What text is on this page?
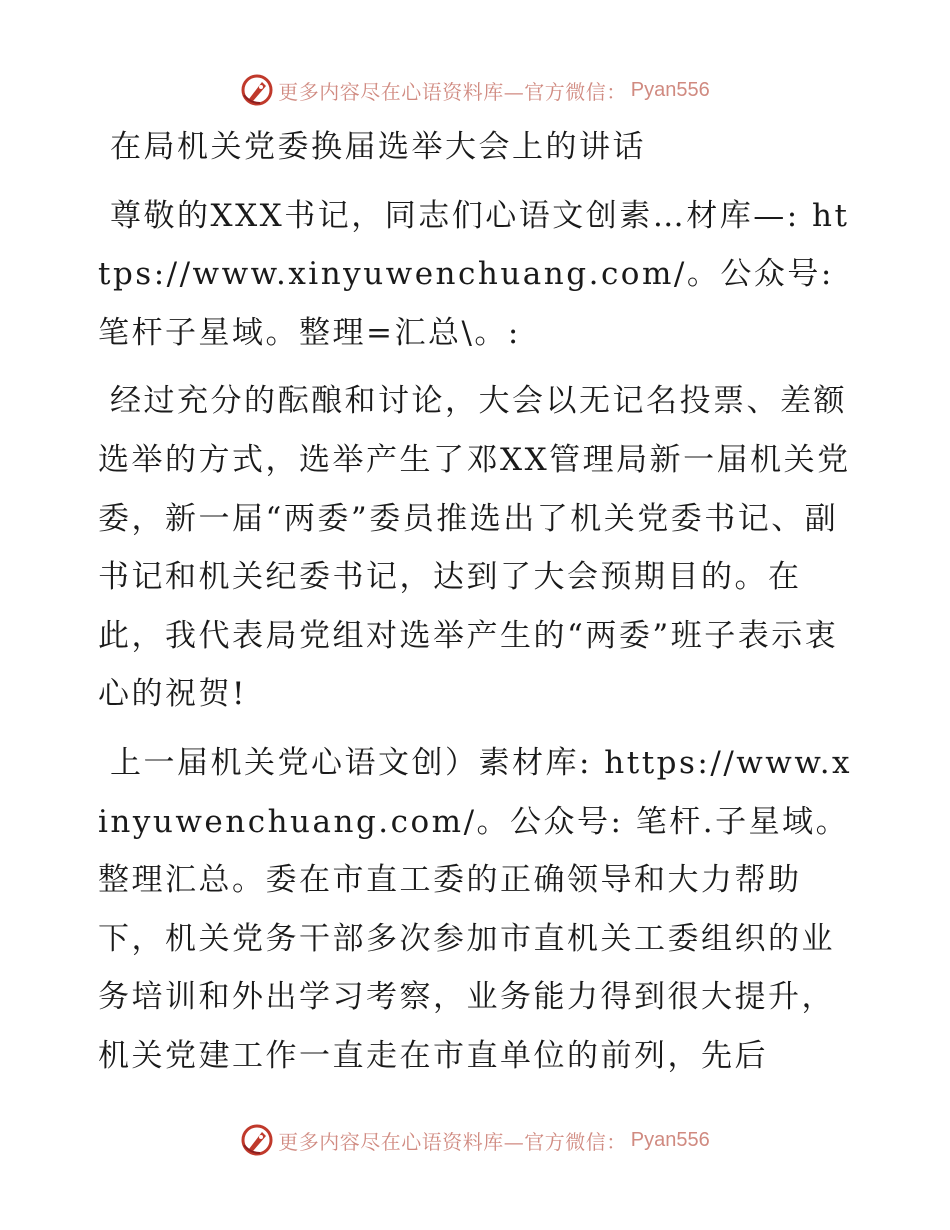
更多内容尽在心语资料库—官方微信： Pyan556

在局机关党委换届选举大会上的讲话

尊敬的XXX书记，同志们心语文创素…材库—: https://www.xinyuwenchuang.com/。公众号: 笔杆子星域。整理=汇总\。:

经过充分的酝酿和讨论，大会以无记名投票、差额选举的方式，选举产生了邓XX管理局新一届机关党委，新一届“两委”委员推选出了机关党委书记、副书记和机关纪委书记，达到了大会预期目的。在此，我代表局党组对选举产生的“两委”班子表示衷心的祝贺!

上一届机关党心语文创）素材库: https://www.xinyuwenchuang.com/。公众号: 笔杆.子星域。整理汇总。委在市直工委的正确领导和大力帮助下，机关党务干部多次参加市直机关工委组织的业务培训和外出学习考察，业务能力得到很大提升，机关党建工作一直走在市直单位的前列，先后

更多内容尽在心语资料库—官方微信： Pyan556
